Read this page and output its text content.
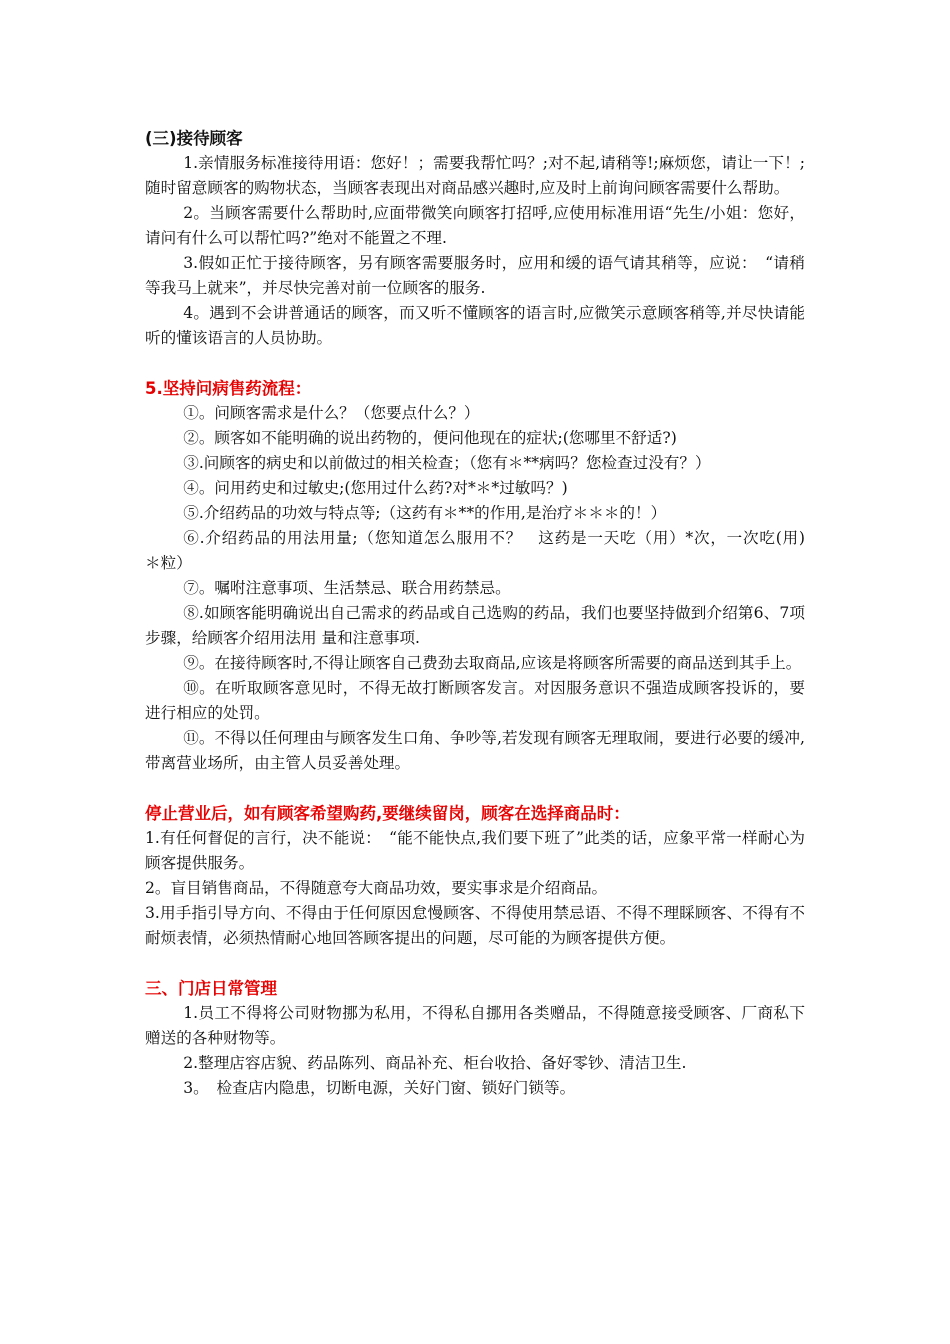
(三)接待顾客

1.亲情服务标准接待用语：您好！；需要我帮忙吗？;对不起,请稍等!;麻烦您，请让一下！;随时留意顾客的购物状态，当顾客表现出对商品感兴趣时,应及时上前询问顾客需要什么帮助。

2。当顾客需要什么帮助时,应面带微笑向顾客打招呼,应使用标准用语“先生/小姐：您好，请问有什么可以帮忙吗?”绝对不能置之不理.

3.假如正忙于接待顾客，另有顾客需要服务时，应用和缓的语气请其稍等，应说：　“请稍等我马上就来”，并尽快完善对前一位顾客的服务.

4。遇到不会讲普通话的顾客，而又听不懂顾客的语言时,应微笑示意顾客稍等,并尽快请能听的懂该语言的人员协助。

5.坚持问病售药流程：

①。问顾客需求是什么？（您要点什么？）

②。顾客如不能明确的说出药物的，便问他现在的症状;(您哪里不舒适?)

③.问顾客的病史和以前做过的相关检查；（您有＊**病吗？您检查过没有？）

④。问用药史和过敏史;(您用过什么药?对*＊*过敏吗？)

⑤.介绍药品的功效与特点等;（这药有＊**的作用,是治疗＊＊＊的！）

⑥.介绍药品的用法用量;（您知道怎么服用不？　这药是一天吃（用）*次，一次吃(用)　＊粒）

⑦。嘱咐注意事项、生活禁忌、联合用药禁忌。

⑧.如顾客能明确说出自己需求的药品或自己选购的药品，我们也要坚持做到介绍第6、7项步骤，给顾客介绍用法用 量和注意事项.

⑨。在接待顾客时,不得让顾客自己费劲去取商品,应该是将顾客所需要的商品送到其手上。

⑩。在听取顾客意见时，不得无故打断顾客发言。对因服务意识不强造成顾客投诉的，要进行相应的处罚。

⑪。不得以任何理由与顾客发生口角、争吵等,若发现有顾客无理取闹，要进行必要的缓冲,带离营业场所，由主管人员妥善处理。

停止营业后，如有顾客希望购药,要继续留岗，顾客在选择商品时：

1.有任何督促的言行，决不能说：　“能不能快点,我们要下班了”此类的话，应象平常一样耐心为顾客提供服务。

2。盲目销售商品，不得随意夸大商品功效，要实事求是介绍商品。

3.用手指引导方向、不得由于任何原因怠慢顾客、不得使用禁忌语、不得不理睬顾客、不得有不耐烦表情，必须热情耐心地回答顾客提出的问题，尽可能的为顾客提供方便。

三、门店日常管理

1.员工不得将公司财物挪为私用，不得私自挪用各类赠品，不得随意接受顾客、厂商私下赠送的各种财物等。

2.整理店容店貌、药品陈列、商品补充、柜台收拾、备好零钞、清洁卫生.

3。　检查店内隐患，切断电源，关好门窗、锁好门锁等。
